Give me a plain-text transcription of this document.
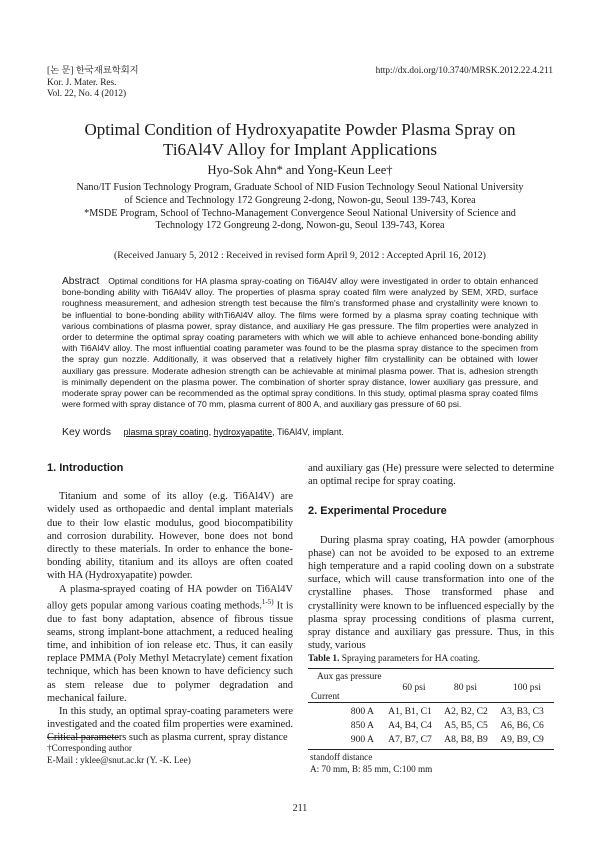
[논 문] 한국재료학회지
Kor. J. Mater. Res.
Vol. 22, No. 4 (2012)
http://dx.doi.org/10.3740/MRSK.2012.22.4.211
Optimal Condition of Hydroxyapatite Powder Plasma Spray on
Ti6Al4V Alloy for Implant Applications
Hyo-Sok Ahn* and Yong-Keun Lee†
Nano/IT Fusion Technology Program, Graduate School of NID Fusion Technology Seoul National University
of Science and Technology 172 Gongreung 2-dong, Nowon-gu, Seoul 139-743, Korea
*MSDE Program, School of Techno-Management Convergence Seoul National University of Science and
Technology 172 Gongreung 2-dong, Nowon-gu, Seoul 139-743, Korea
(Received January 5, 2012 : Received in revised form April 9, 2012 : Accepted April 16, 2012)
Abstract Optimal conditions for HA plasma spray-coating on Ti6Al4V alloy were investigated in order to obtain enhanced bone-bonding ability with Ti6Al4V alloy. The properties of plasma spray coated film were analyzed by SEM, XRD, surface roughness measurement, and adhesion strength test because the film's transformed phase and crystallinity were known to be influential to bone-bonding ability withTi6Al4V alloy. The films were formed by a plasma spray coating technique with various combinations of plasma power, spray distance, and auxiliary He gas pressure. The film properties were analyzed in order to determine the optimal spray coating parameters with which we will able to achieve enhanced bone-bonding ability with Ti6Al4V alloy. The most influential coating parameter was found to be the plasma spray distance to the specimen from the spray gun nozzle. Additionally, it was observed that a relatively higher film crystallinity can be obtained with lower auxiliary gas pressure. Moderate adhesion strength can be achievable at minimal plasma power. That is, adhesion strength is minimally dependent on the plasma power. The combination of shorter spray distance, lower auxiliary gas pressure, and moderate spray power can be recommended as the optimal spray conditions. In this study, optimal plasma spray coated films were formed with spray distance of 70 mm, plasma current of 800 A, and auxiliary gas pressure of 60 psi.
Key words plasma spray coating, hydroxyapatite, Ti6Al4V, implant.
1. Introduction

Titanium and some of its alloy (e.g. Ti6Al4V) are widely used as orthopaedic and dental implant materials due to their low elastic modulus, good biocompatibility and corrosion durability. However, bone does not bond directly to these materials. In order to enhance the bone-bonding ability, titanium and its alloys are often coated with HA (Hydroxyapatite) powder.

A plasma-sprayed coating of HA powder on Ti6Al4V alloy gets popular among various coating methods.$^{1-5)}$ It is due to fast bony adaptation, absence of fibrous tissue seams, strong implant-bone attachment, a reduced healing time, and inhibition of ion release etc. Thus, it can easily replace PMMA (Poly Methyl Metacrylate) cement fixation technique, which has been known to have deficiency such as stem release due to polymer degradation and mechanical failure.

In this study, an optimal spray-coating parameters were investigated and the coated film properties were examined. Critical parameters such as plasma current, spray distance

†Corresponding author
E-Mail : yklee@snut.ac.kr (Y. -K. Lee)
and auxiliary gas (He) pressure were selected to determine an optimal recipe for spray coating.
2. Experimental Procedure

During plasma spray coating, HA powder (amorphous phase) can not be avoided to be exposed to an extreme high temperature and a rapid cooling down on a substrate surface, which will cause transformation into one of the crystalline phases. Those transformed phase and crystallinity were known to be influenced especially by the plasma spray processing conditions of plasma current, spray distance and auxiliary gas pressure. Thus, in this study, various

Table 1. Spraying parameters for HA coating.
Aux gas pressure
Current
60 psi	80 psi	100 psi
800 A	A1, B1, C1	A2, B2, C2	A3, B3, C3
850 A	A4, B4, C4	A5, B5, C5	A6, B6, C6
900 A	A7, B7, C7	A8, B8, B9	A9, B9, C9
standoff distance
A: 70 mm, B: 85 mm, C:100 mm
211
